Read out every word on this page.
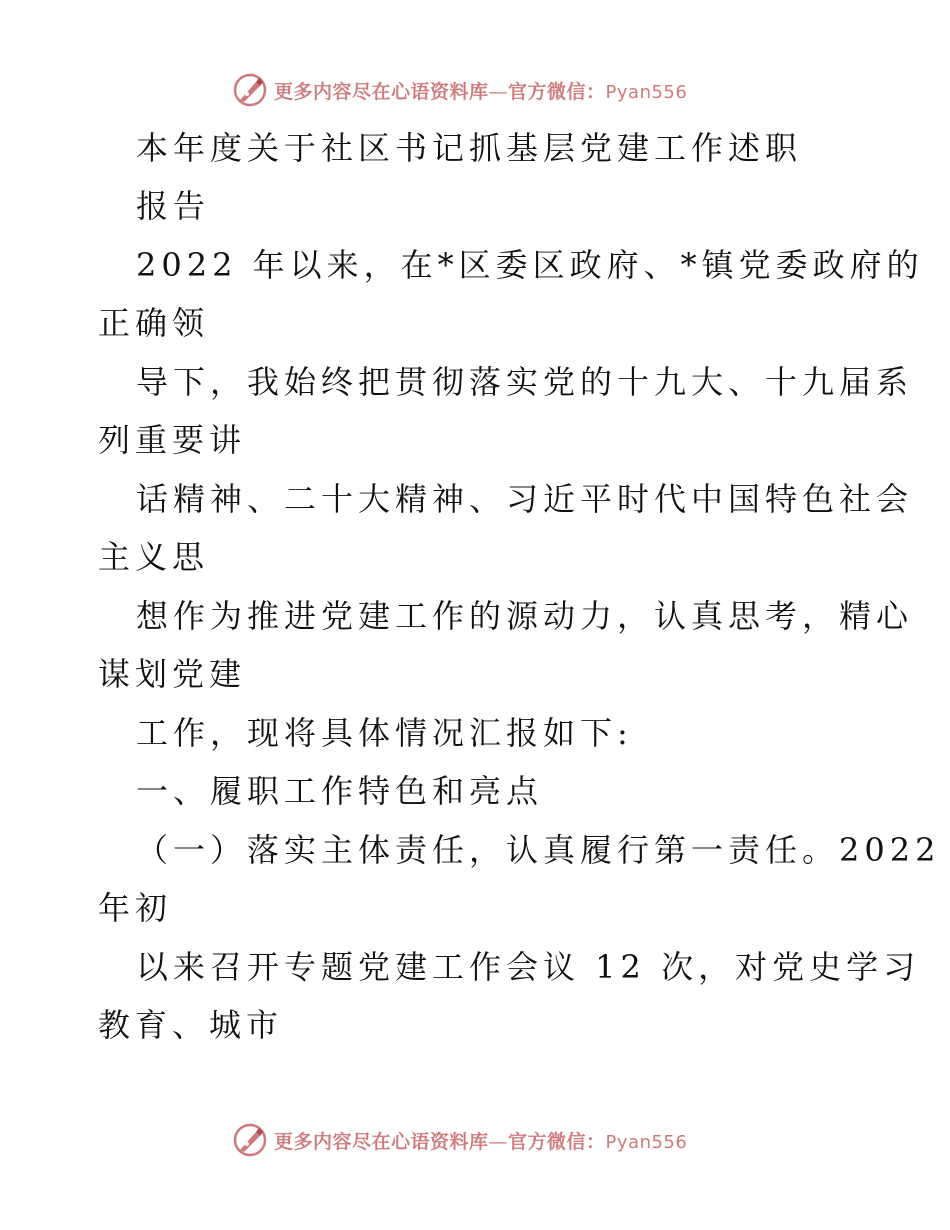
更多内容尽在心语资料库—官方微信：Pyan556
本年度关于社区书记抓基层党建工作述职
报告
2022 年以来，在*区委区政府、*镇党委政府的
正确领
导下，我始终把贯彻落实党的十九大、十九届系
列重要讲
话精神、二十大精神、习近平时代中国特色社会
主义思
想作为推进党建工作的源动力，认真思考，精心
谋划党建
工作，现将具体情况汇报如下:
一、履职工作特色和亮点
（一）落实主体责任，认真履行第一责任。2022
年初
以来召开专题党建工作会议 12 次，对党史学习
教育、城市
更多内容尽在心语资料库—官方微信：Pyan556
